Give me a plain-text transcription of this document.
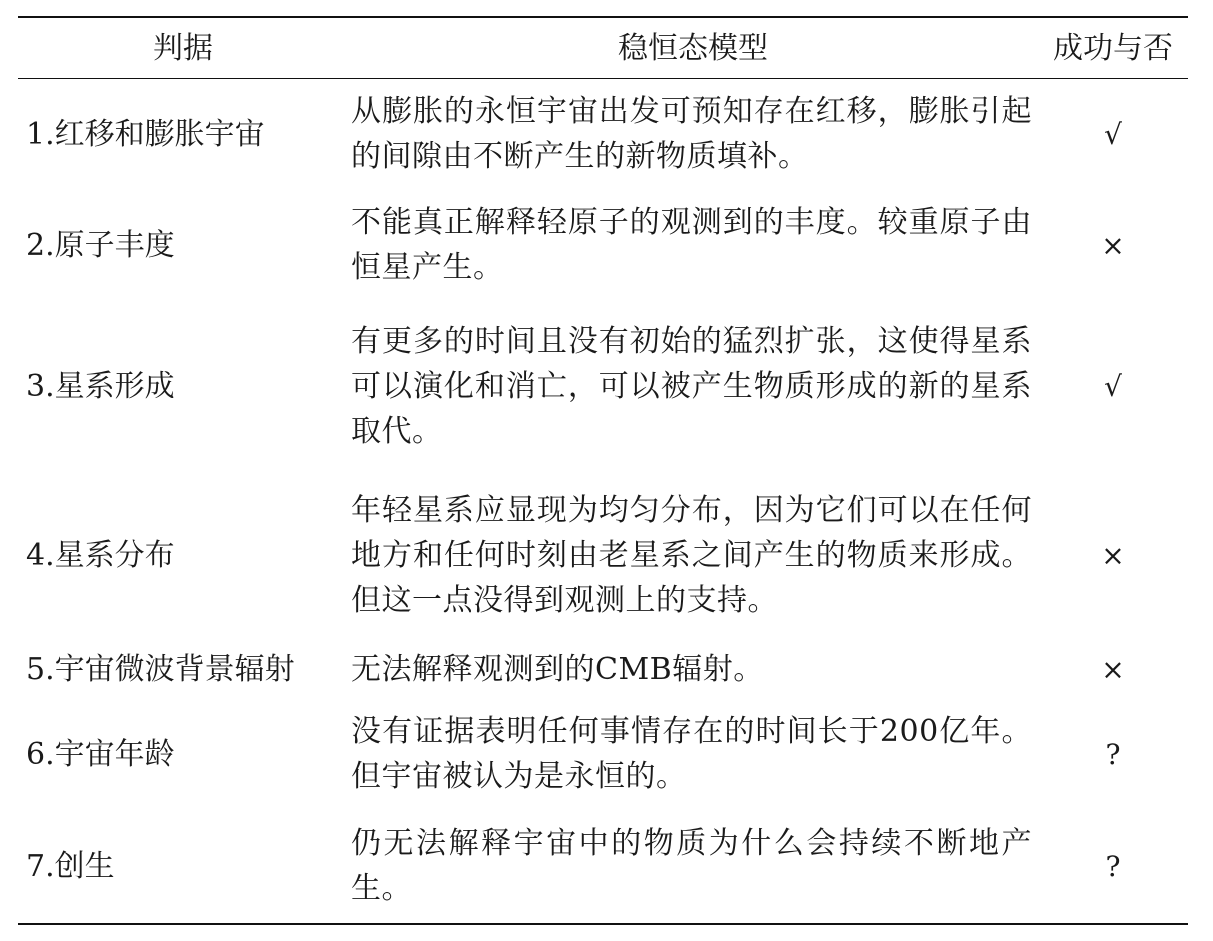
判据	稳恒态模型	成功与否
1.红移和膨胀宇宙	从膨胀的永恒宇宙出发可预知存在红移，膨胀引起的间隙由不断产生的新物质填补。	√
2.原子丰度	不能真正解释轻原子的观测到的丰度。较重原子由恒星产生。	×
3.星系形成	有更多的时间且没有初始的猛烈扩张，这使得星系可以演化和消亡，可以被产生物质形成的新的星系取代。	√
4.星系分布	年轻星系应显现为均匀分布，因为它们可以在任何地方和任何时刻由老星系之间产生的物质来形成。但这一点没得到观测上的支持。	×
5.宇宙微波背景辐射	无法解释观测到的CMB辐射。	×
6.宇宙年龄	没有证据表明任何事情存在的时间长于200亿年。但宇宙被认为是永恒的。	?
7.创生	仍无法解释宇宙中的物质为什么会持续不断地产生。	?
